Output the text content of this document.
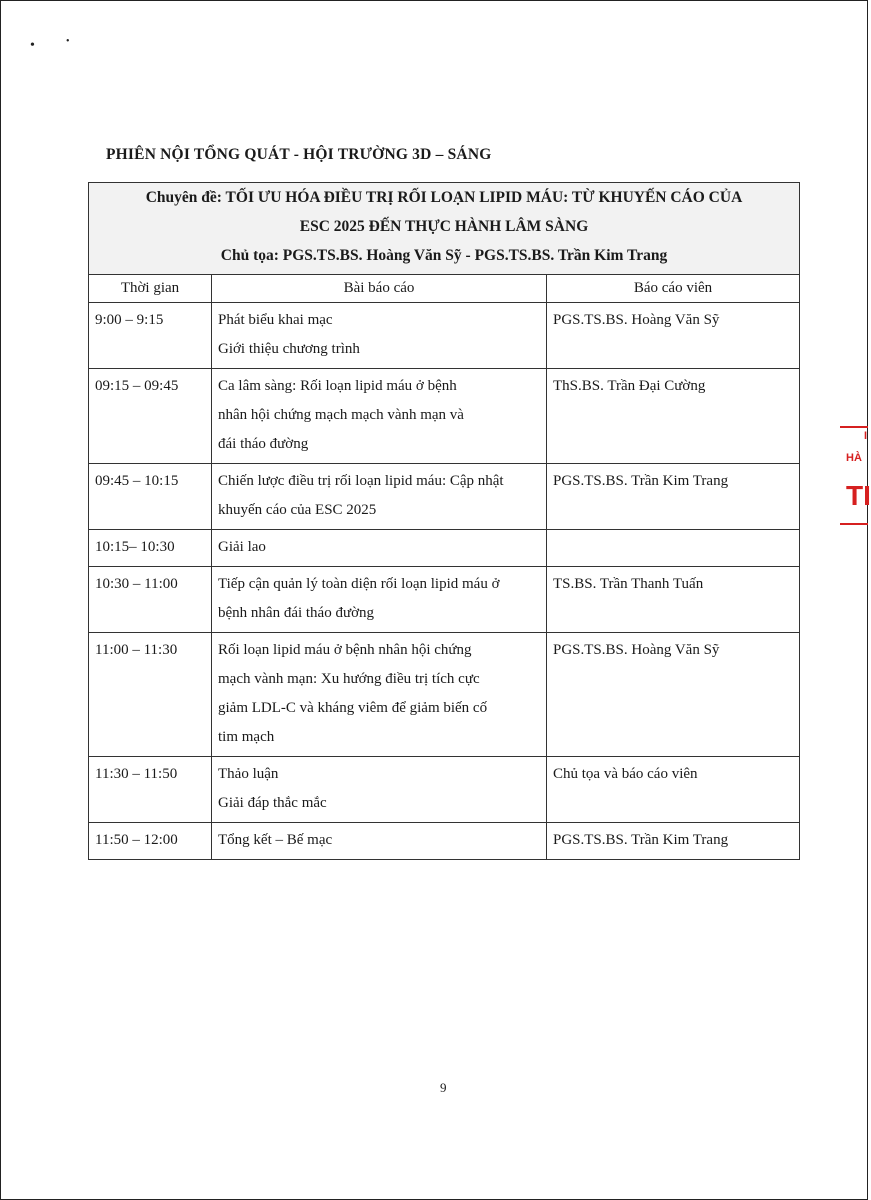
•	•
PHIÊN NỘI TỔNG QUÁT - HỘI TRƯỜNG 3D – SÁNG
Chuyên đề: TỐI ƯU HÓA ĐIỀU TRỊ RỐI LOẠN LIPID MÁU: TỪ KHUYẾN CÁO CỦA
ESC 2025 ĐẾN THỰC HÀNH LÂM SÀNG
Chủ tọa: PGS.TS.BS. Hoàng Văn Sỹ - PGS.TS.BS. Trần Kim Trang		

Thời gian	Bài báo cáo	Báo cáo viên
9:00 – 9:15	Phát biểu khai mạc
Giới thiệu chương trình	PGS.TS.BS. Hoàng Văn Sỹ
09:15 – 09:45	Ca lâm sàng: Rối loạn lipid máu ở bệnh
nhân hội chứng mạch mạch vành mạn và
đái tháo đường	ThS.BS. Trần Đại Cường
09:45 – 10:15	Chiến lược điều trị rối loạn lipid máu: Cập nhật
khuyến cáo của ESC 2025	PGS.TS.BS. Trần Kim Trang
10:15– 10:30	Giải lao	

10:30 – 11:00	Tiếp cận quản lý toàn diện rối loạn lipid máu ở
bệnh nhân đái tháo đường	TS.BS. Trần Thanh Tuấn
11:00 – 11:30	Rối loạn lipid máu ở bệnh nhân hội chứng
mạch vành mạn: Xu hướng điều trị tích cực
giảm LDL-C và kháng viêm để giảm biến cố
tim mạch	PGS.TS.BS. Hoàng Văn Sỹ
11:30 – 11:50	Thảo luận
Giải đáp thắc mắc	Chủ tọa và báo cáo viên
11:50 – 12:00	Tổng kết – Bế mạc	PGS.TS.BS. Trần Kim Trang
9
I
HÀ
TI
